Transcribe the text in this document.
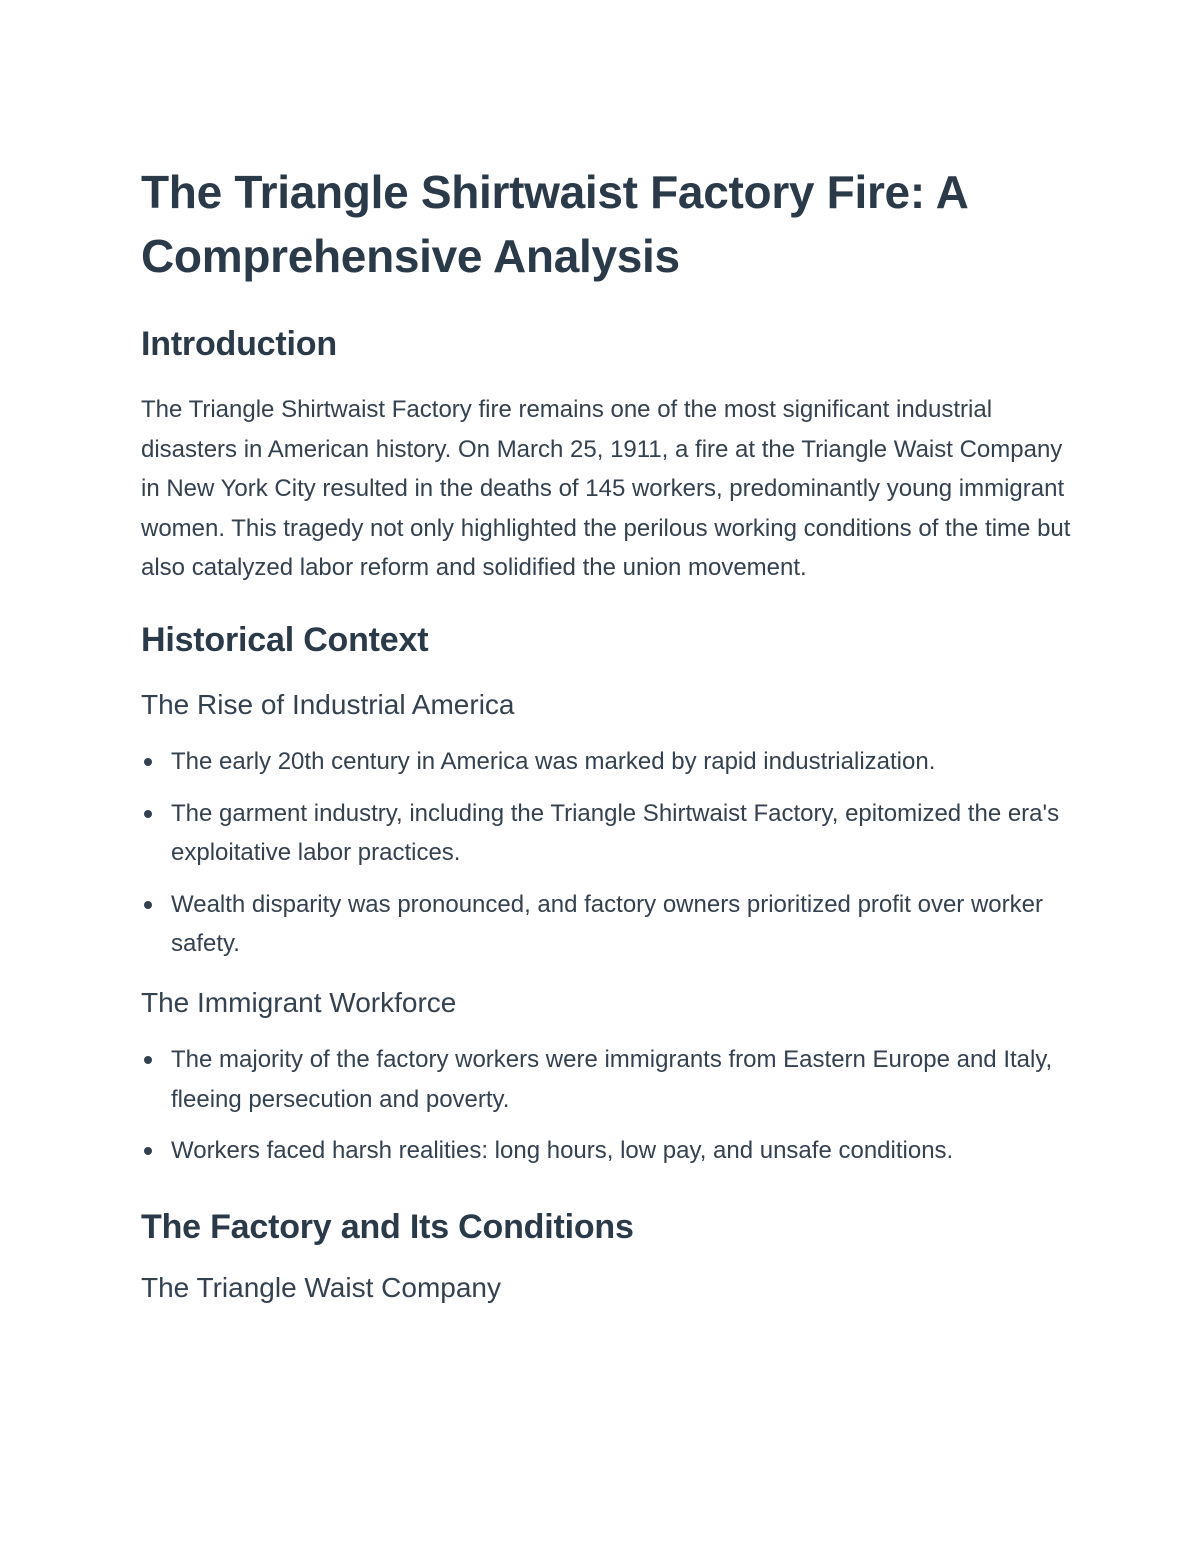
The Triangle Shirtwaist Factory Fire: A Comprehensive Analysis
Introduction

The Triangle Shirtwaist Factory fire remains one of the most significant industrial disasters in American history. On March 25, 1911, a fire at the Triangle Waist Company in New York City resulted in the deaths of 145 workers, predominantly young immigrant women. This tragedy not only highlighted the perilous working conditions of the time but also catalyzed labor reform and solidified the union movement.

Historical Context
The Rise of Industrial America
The early 20th century in America was marked by rapid industrialization.
The garment industry, including the Triangle Shirtwaist Factory, epitomized the era's exploitative labor practices.
Wealth disparity was pronounced, and factory owners prioritized profit over worker safety.
The Immigrant Workforce
The majority of the factory workers were immigrants from Eastern Europe and Italy, fleeing persecution and poverty.
Workers faced harsh realities: long hours, low pay, and unsafe conditions.
The Factory and Its Conditions
The Triangle Waist Company
